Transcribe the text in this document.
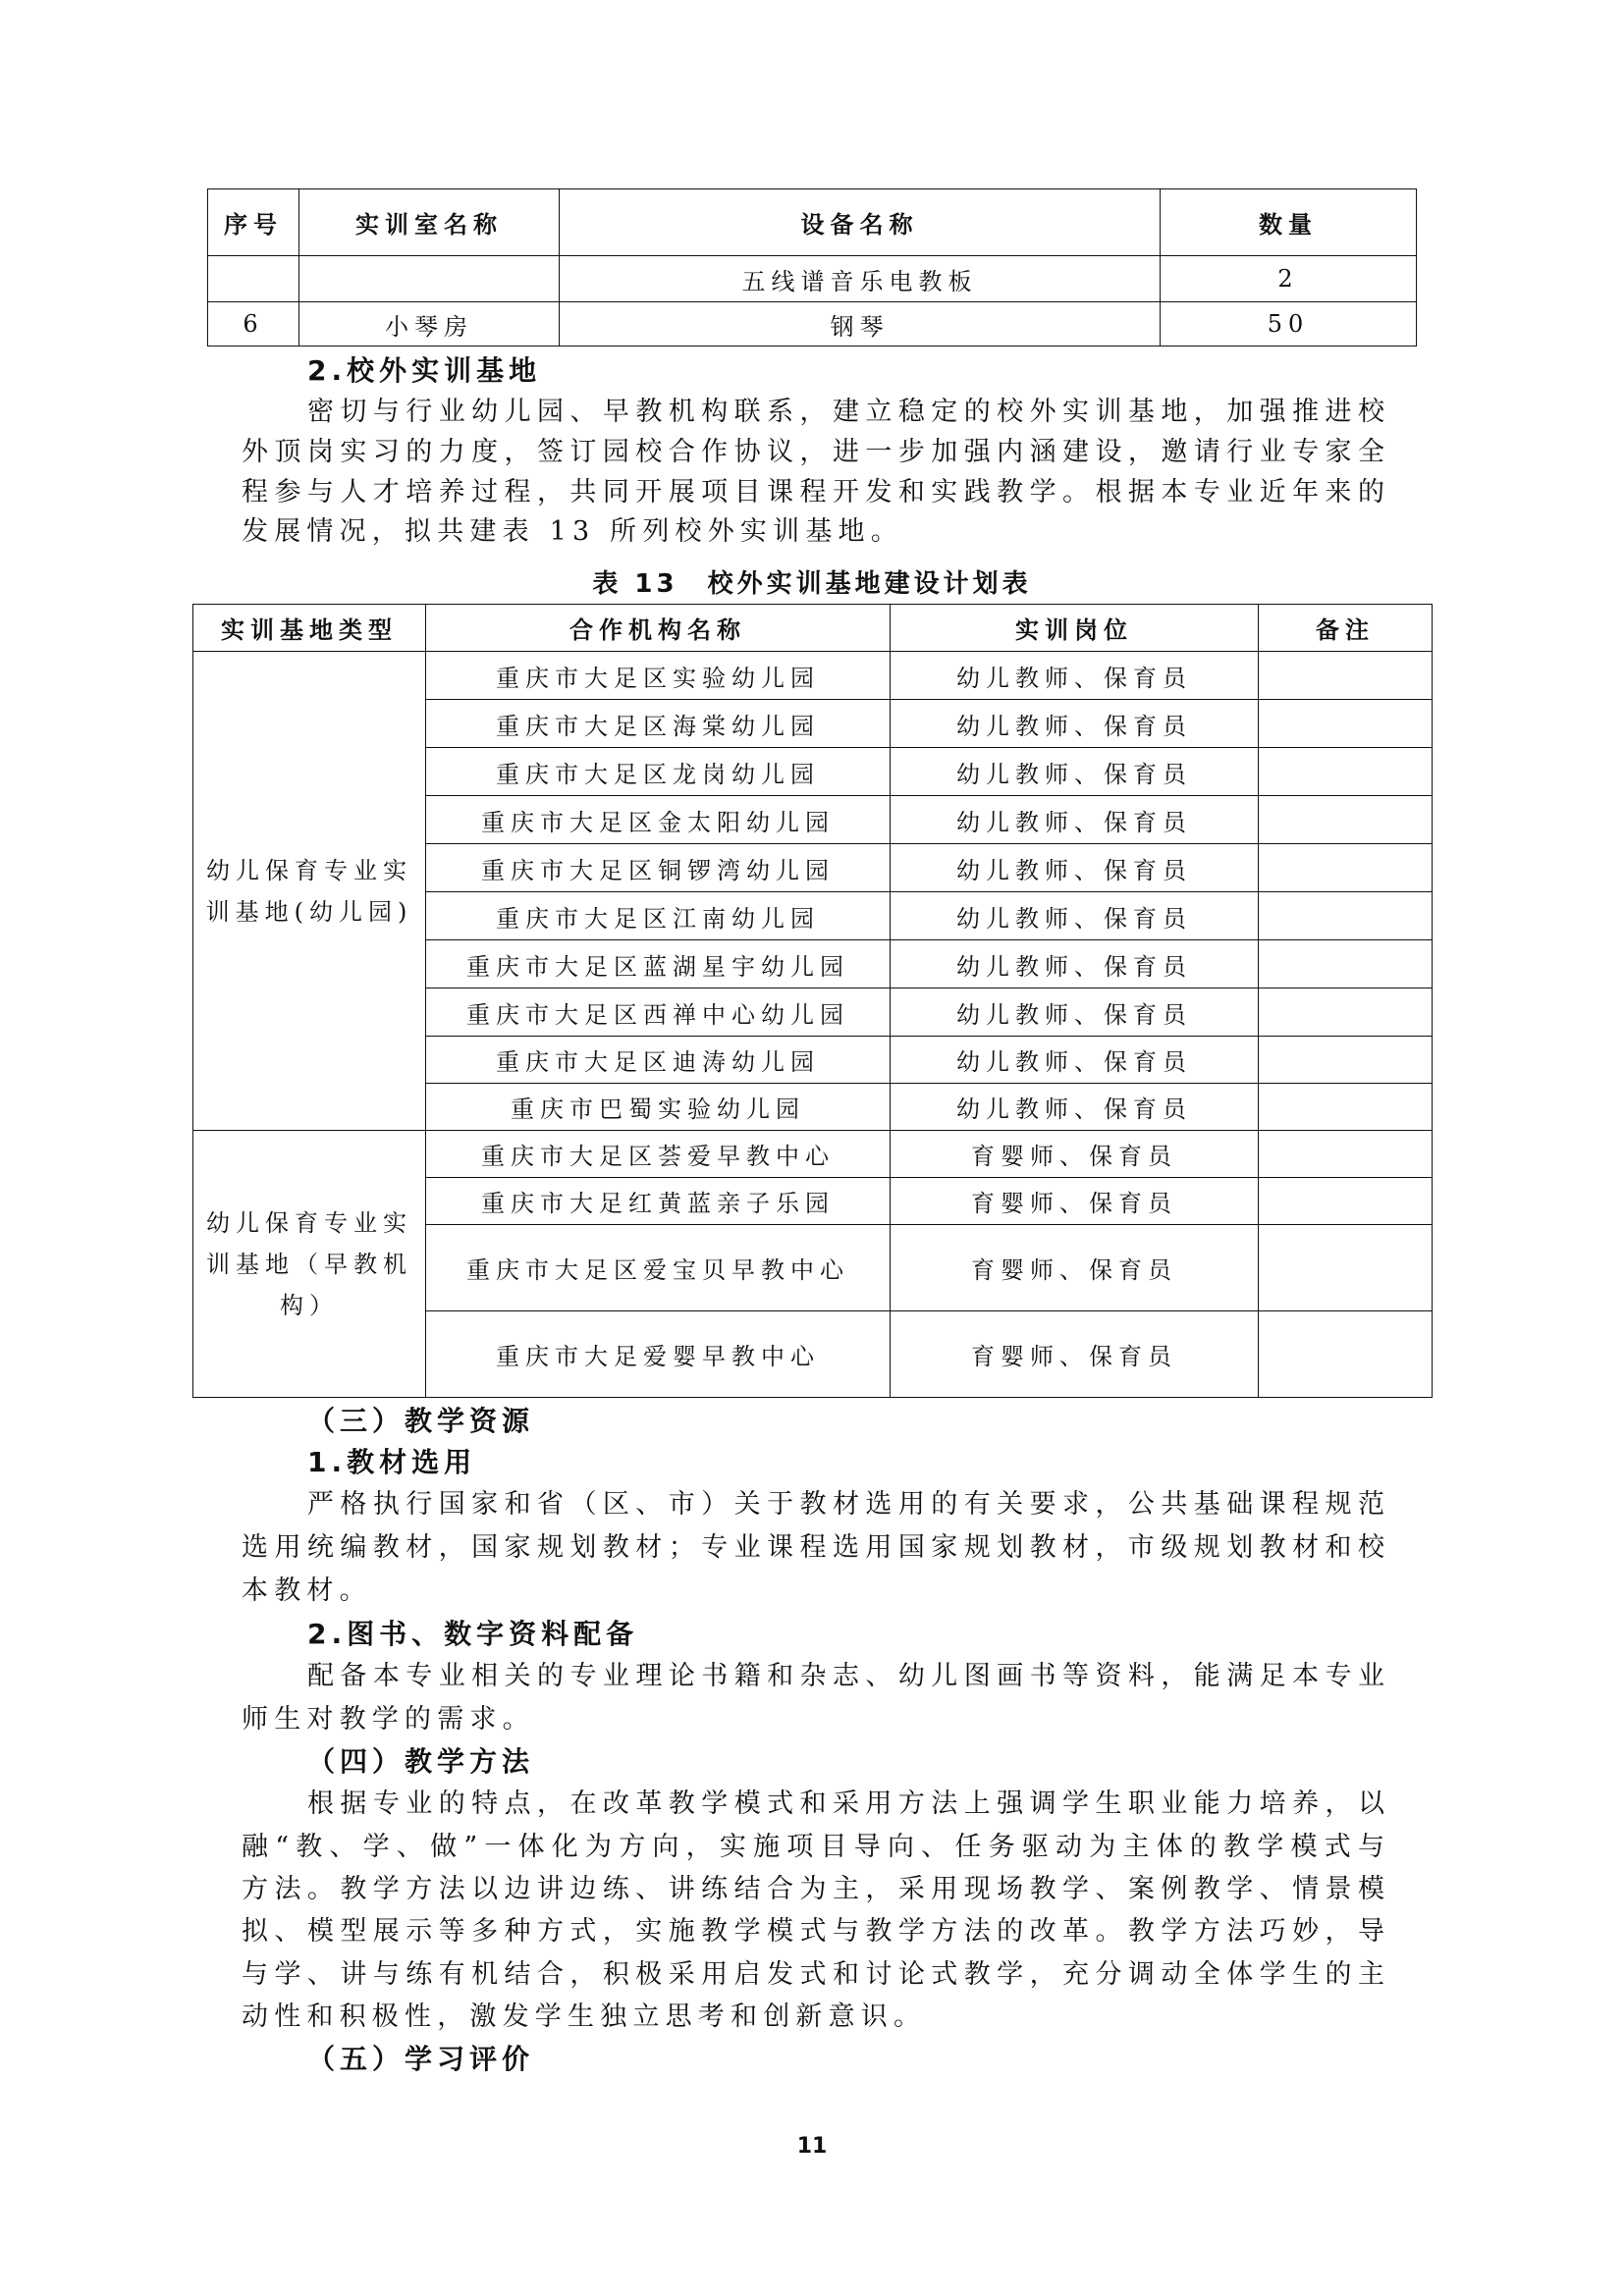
序号	实训室名称	设备名称	数量
		五线谱音乐电教板	2
6	小琴房	钢琴	50
2.校外实训基地
密切与行业幼儿园、早教机构联系，建立稳定的校外实训基地，加强推进校
外顶岗实习的力度，签订园校合作协议，进一步加强内涵建设，邀请行业专家全
程参与人才培养过程，共同开展项目课程开发和实践教学。根据本专业近年来的
发展情况，拟共建表 13 所列校外实训基地。
表 13　校外实训基地建设计划表
实训基地类型	合作机构名称	实训岗位	备注

幼儿保育专业实
训基地(幼儿园)	重庆市大足区实验幼儿园	幼儿教师、保育员	
	重庆市大足区海棠幼儿园	幼儿教师、保育员	
	重庆市大足区龙岗幼儿园	幼儿教师、保育员	
	重庆市大足区金太阳幼儿园	幼儿教师、保育员	
	重庆市大足区铜锣湾幼儿园	幼儿教师、保育员	
	重庆市大足区江南幼儿园	幼儿教师、保育员	
	重庆市大足区蓝湖星宇幼儿园	幼儿教师、保育员	
	重庆市大足区西禅中心幼儿园	幼儿教师、保育员	
	重庆市大足区迪涛幼儿园	幼儿教师、保育员	
	重庆市巴蜀实验幼儿园	幼儿教师、保育员	

幼儿保育专业实
训基地（早教机
构）	重庆市大足区荟爱早教中心	育婴师、保育员	
	重庆市大足红黄蓝亲子乐园	育婴师、保育员	
	重庆市大足区爱宝贝早教中心	育婴师、保育员	
	重庆市大足爱婴早教中心	育婴师、保育员	
（三）教学资源
1.教材选用
严格执行国家和省（区、市）关于教材选用的有关要求，公共基础课程规范
选用统编教材，国家规划教材；专业课程选用国家规划教材，市级规划教材和校
本教材。
2.图书、数字资料配备
配备本专业相关的专业理论书籍和杂志、幼儿图画书等资料，能满足本专业
师生对教学的需求。
（四）教学方法
根据专业的特点，在改革教学模式和采用方法上强调学生职业能力培养，以
融“教、学、做”一体化为方向，实施项目导向、任务驱动为主体的教学模式与
方法。教学方法以边讲边练、讲练结合为主，采用现场教学、案例教学、情景模
拟、模型展示等多种方式，实施教学模式与教学方法的改革。教学方法巧妙，导
与学、讲与练有机结合，积极采用启发式和讨论式教学，充分调动全体学生的主
动性和积极性，激发学生独立思考和创新意识。
（五）学习评价
11
